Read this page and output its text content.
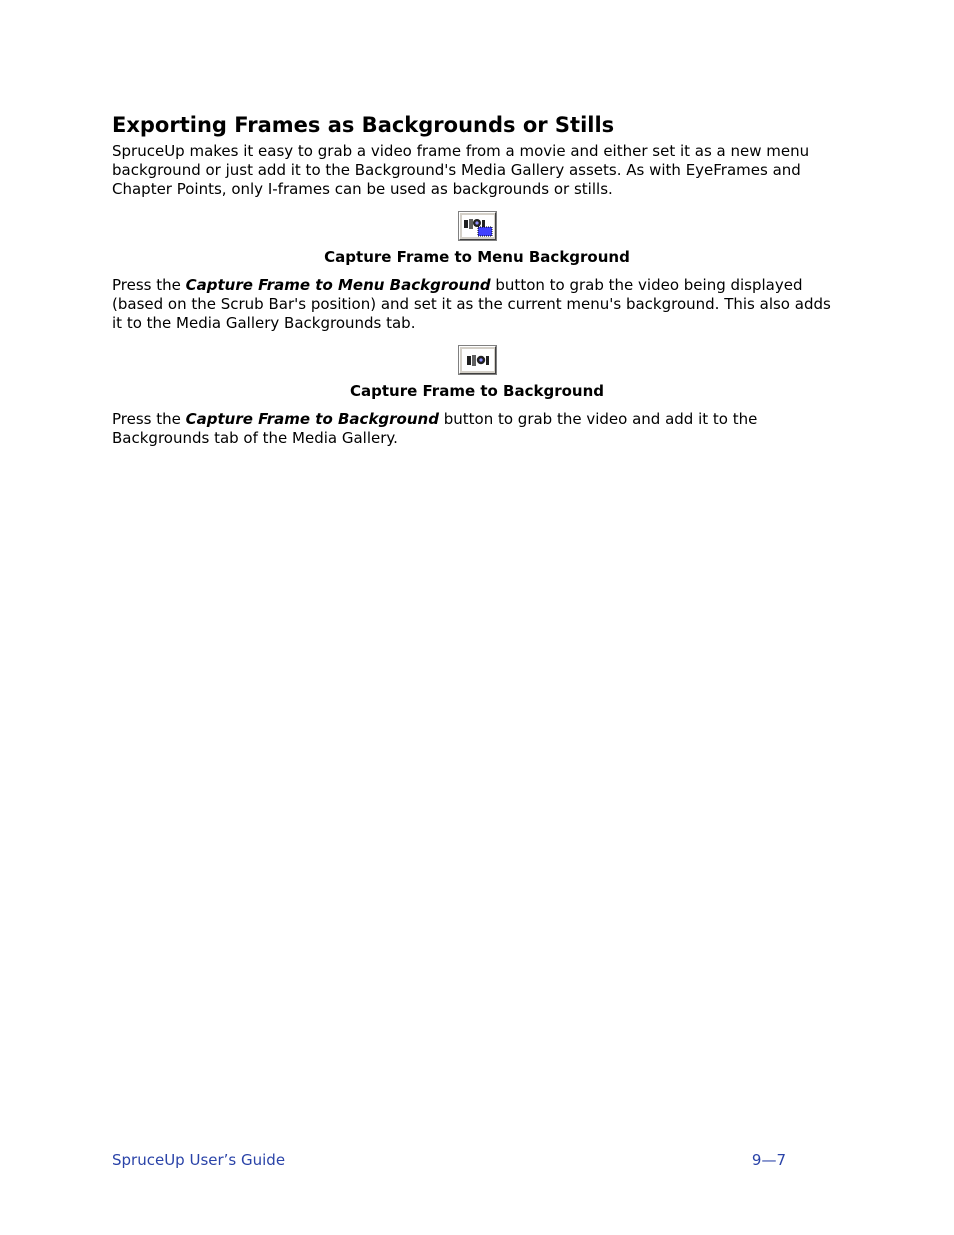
Exporting Frames as Backgrounds or Stills

SpruceUp makes it easy to grab a video frame from a movie and either set it as a new menu background or just add it to the Background's Media Gallery assets. As with EyeFrames and Chapter Points, only I-frames can be used as backgrounds or stills.

Capture Frame to Menu Background

Press the Capture Frame to Menu Background button to grab the video being displayed (based on the Scrub Bar's position) and set it as the current menu's background. This also adds it to the Media Gallery Backgrounds tab.

Capture Frame to Background

Press the Capture Frame to Background button to grab the video and add it to the Backgrounds tab of the Media Gallery.

SpruceUp User’s Guide	9—7
